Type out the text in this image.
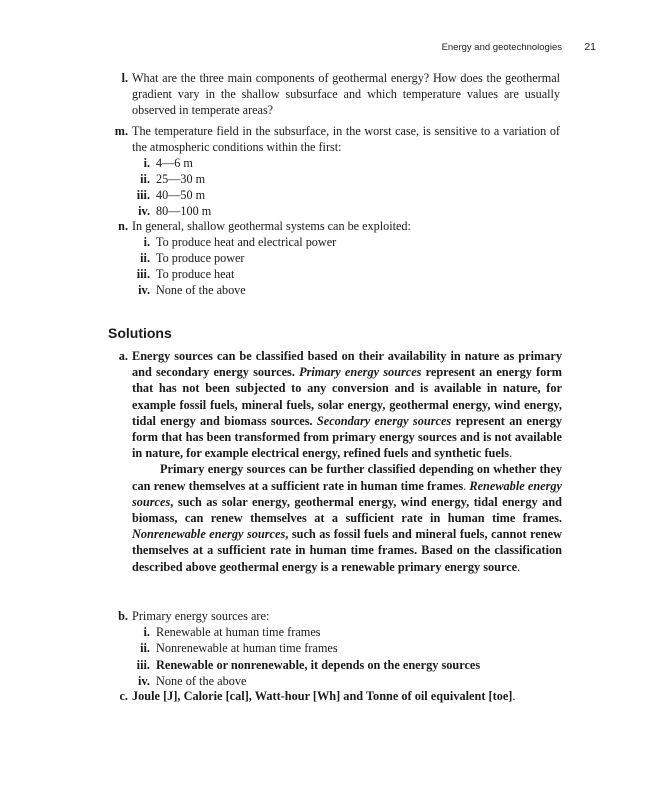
Energy and geotechnologies 21
l. What are the three main components of geothermal energy? How does the geothermal gradient vary in the shallow subsurface and which temperature values are usually observed in temperate areas?
m. The temperature field in the subsurface, in the worst case, is sensitive to a variation of the atmospheric conditions within the first:
i. 4—6 m
ii. 25—30 m
iii. 40—50 m
iv. 80—100 m
n. In general, shallow geothermal systems can be exploited:
i. To produce heat and electrical power
ii. To produce power
iii. To produce heat
iv. None of the above
Solutions
a. Energy sources can be classified based on their availability in nature as primary and secondary energy sources. Primary energy sources represent an energy form that has not been subjected to any conversion and is available in nature, for example fossil fuels, mineral fuels, solar energy, geothermal energy, wind energy, tidal energy and biomass sources. Secondary energy sources represent an energy form that has been transformed from primary energy sources and is not available in nature, for example electrical energy, refined fuels and synthetic fuels.
Primary energy sources can be further classified depending on whether they can renew themselves at a sufficient rate in human time frames. Renewable energy sources, such as solar energy, geothermal energy, wind energy, tidal energy and biomass, can renew themselves at a sufficient rate in human time frames. Nonrenewable energy sources, such as fossil fuels and mineral fuels, cannot renew themselves at a sufficient rate in human time frames. Based on the classification described above geothermal energy is a renewable primary energy source.
b. Primary energy sources are:
i. Renewable at human time frames
ii. Nonrenewable at human time frames
iii. Renewable or nonrenewable, it depends on the energy sources
iv. None of the above
c. Joule [J], Calorie [cal], Watt-hour [Wh] and Tonne of oil equivalent [toe].
